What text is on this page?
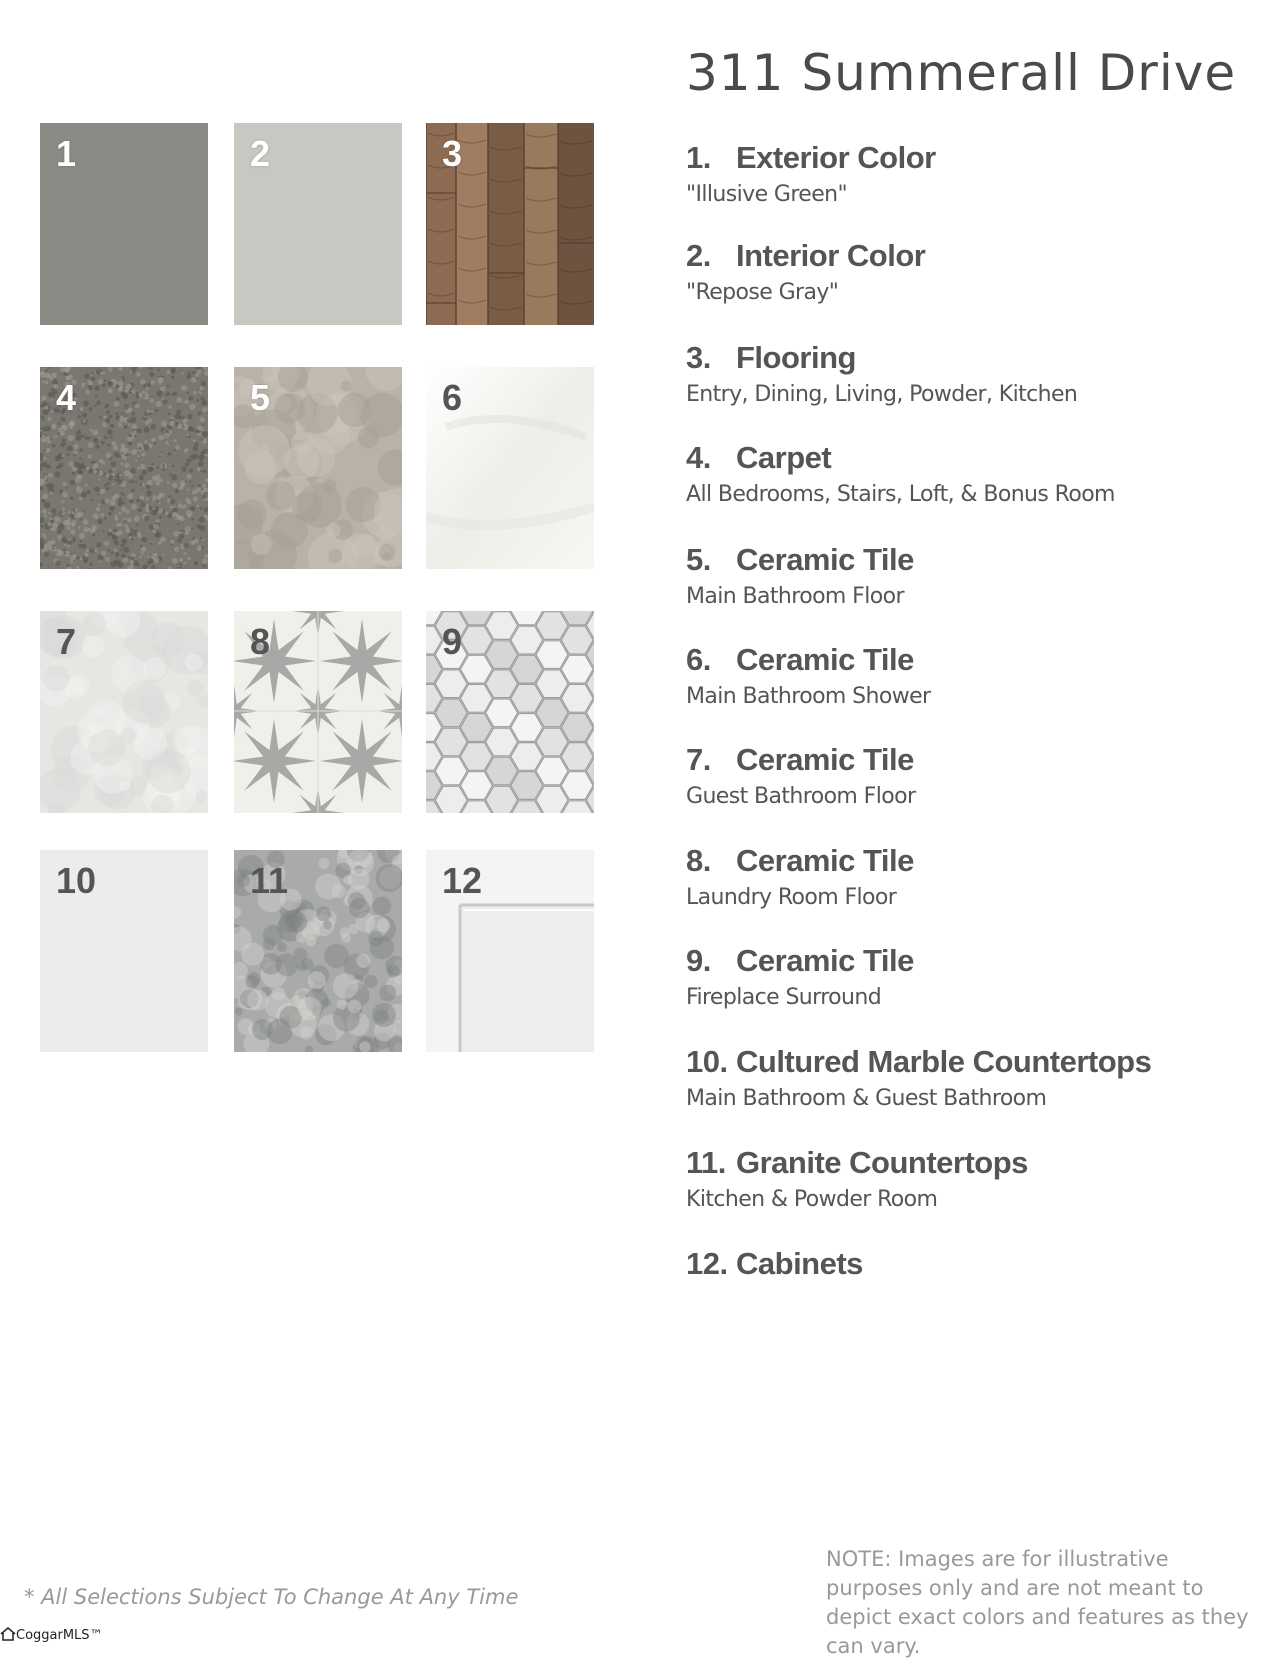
311 Summerall Drive
1	2	3
4	5	6
7	8	9
10	11	12
1. Exterior Color
"Illusive Green"
2. Interior Color
"Repose Gray"
3. Flooring
Entry, Dining, Living, Powder, Kitchen
4. Carpet
All Bedrooms, Stairs, Loft, & Bonus Room
5. Ceramic Tile
Main Bathroom Floor
6. Ceramic Tile
Main Bathroom Shower
7. Ceramic Tile
Guest Bathroom Floor
8. Ceramic Tile
Laundry Room Floor
9. Ceramic Tile
Fireplace Surround
10. Cultured Marble Countertops
Main Bathroom & Guest Bathroom
11. Granite Countertops
Kitchen & Powder Room
12. Cabinets
* All Selections Subject To Change At Any Time
NOTE: Images are for illustrative purposes only and are not meant to depict exact colors and features as they can vary.
CoggarMLS™
